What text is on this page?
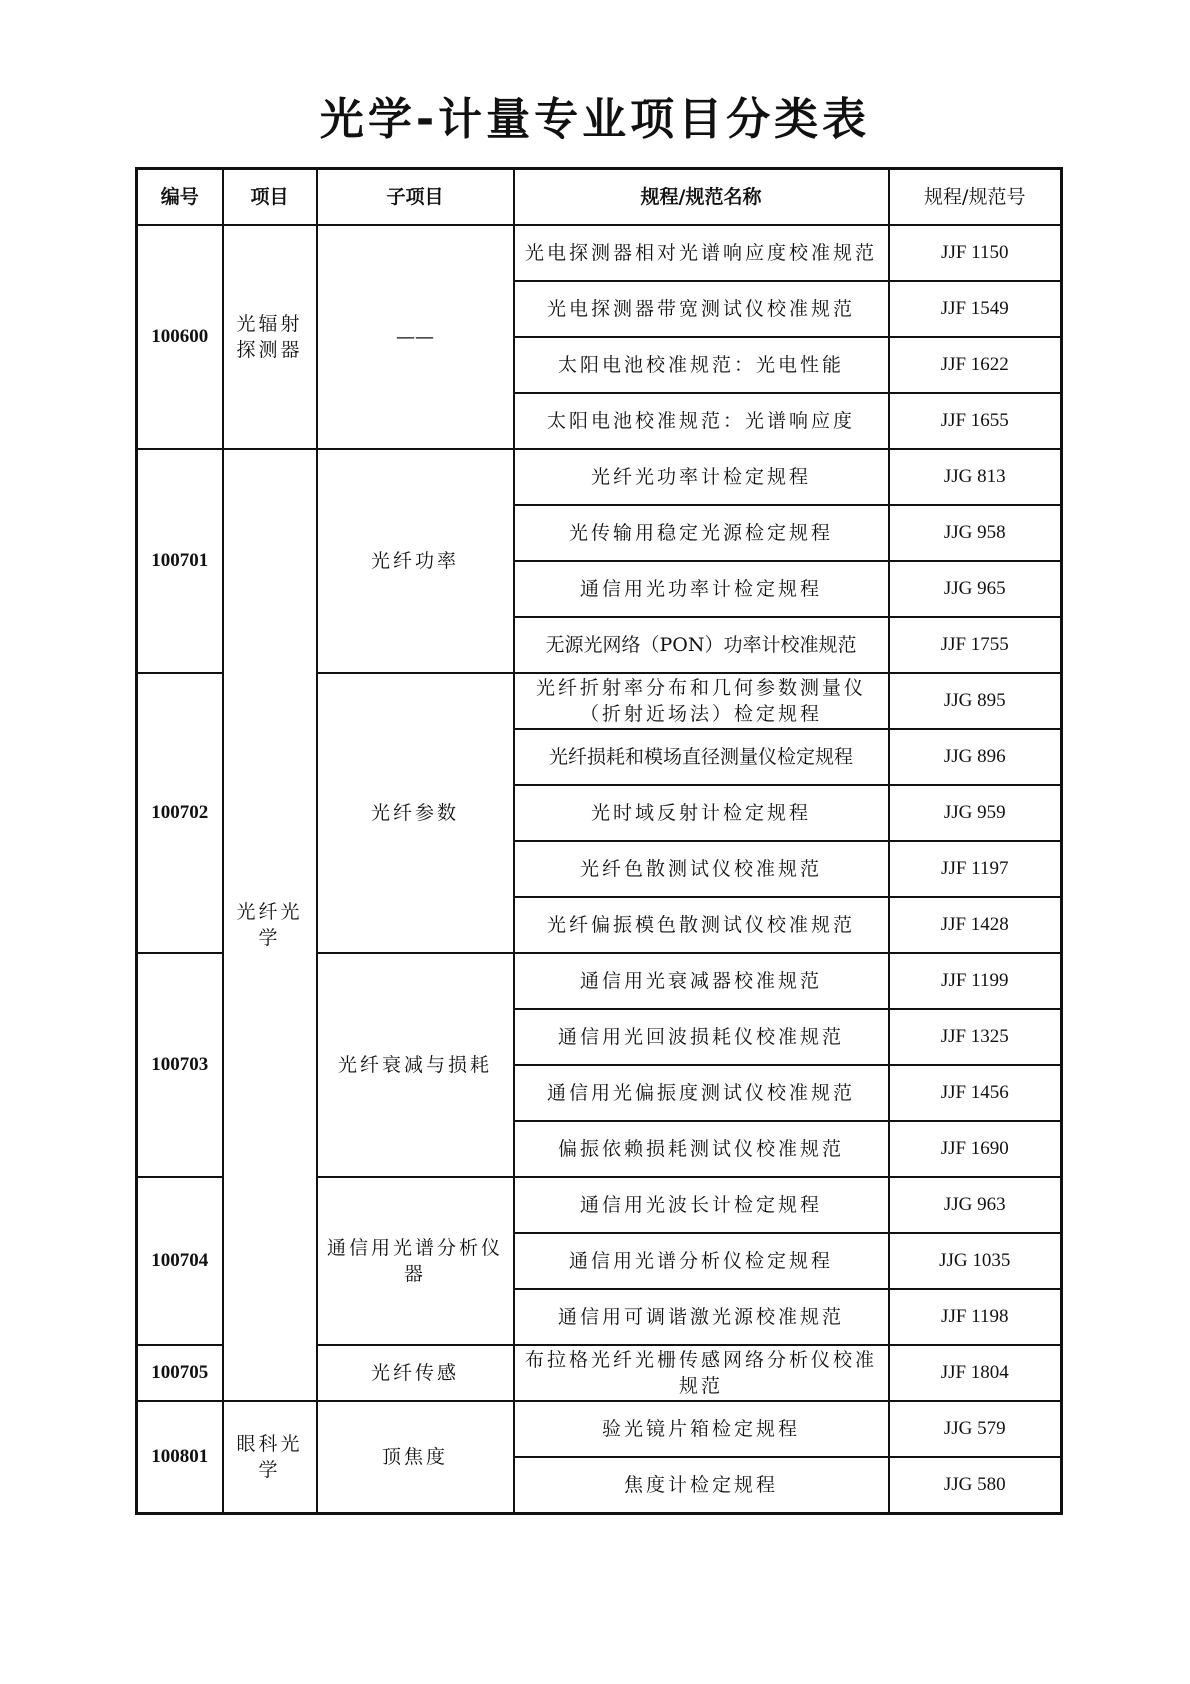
光学-计量专业项目分类表
编号	项目	子项目	规程/规范名称	规程/规范号
100600	光辐射探测器	——	光电探测器相对光谱响应度校准规范	JJF 1150
			光电探测器带宽测试仪校准规范	JJF 1549
			太阳电池校准规范：光电性能	JJF 1622
			太阳电池校准规范：光谱响应度	JJF 1655
100701	光纤光学	光纤功率	光纤光功率计检定规程	JJG 813
			光传输用稳定光源检定规程	JJG 958
			通信用光功率计检定规程	JJG 965
			无源光网络（PON）功率计校准规范	JJF 1755
100702		光纤参数	光纤折射率分布和几何参数测量仪（折射近场法）检定规程	JJG 895
			光纤损耗和模场直径测量仪检定规程	JJG 896
			光时域反射计检定规程	JJG 959
			光纤色散测试仪校准规范	JJF 1197
			光纤偏振模色散测试仪校准规范	JJF 1428
100703		光纤衰减与损耗	通信用光衰减器校准规范	JJF 1199
			通信用光回波损耗仪校准规范	JJF 1325
			通信用光偏振度测试仪校准规范	JJF 1456
			偏振依赖损耗测试仪校准规范	JJF 1690
100704		通信用光谱分析仪器	通信用光波长计检定规程	JJG 963
			通信用光谱分析仪检定规程	JJG 1035
			通信用可调谐激光源校准规范	JJF 1198
100705		光纤传感	布拉格光纤光栅传感网络分析仪校准规范	JJF 1804
100801	眼科光学	顶焦度	验光镜片箱检定规程	JJG 579
			焦度计检定规程	JJG 580
